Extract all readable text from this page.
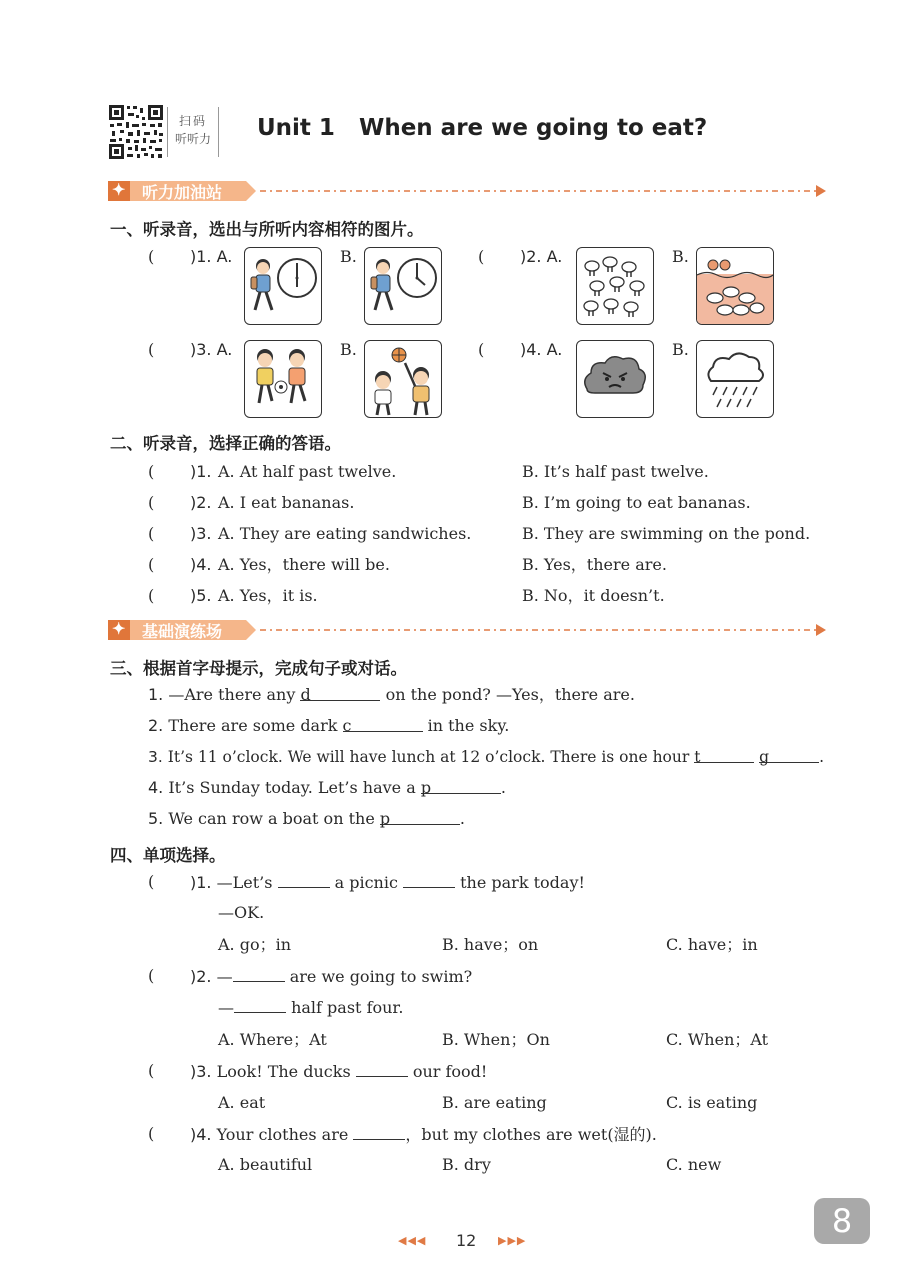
扫码
听听力	Unit 1   When are we going to eat?
✦ 听力加油站
一、听录音，选出与所听内容相符的图片。
( )1. A.	B.	( )2. A.	B.
( )3. A.	B.	( )4. A.	B.
二、听录音，选择正确的答语。
( )1. A. At half past twelve.	B. It’s half past twelve.
( )2. A. I eat bananas.	B. I’m going to eat bananas.
( )3. A. They are eating sandwiches.	B. They are swimming on the pond.
( )4. A. Yes，there will be.	B. Yes，there are.
( )5. A. Yes，it is.	B. No，it doesn’t.
✦ 基础演练场
三、根据首字母提示，完成句子或对话。
1. —Are there any d	on the pond? —Yes，there are.
2. There are some dark c	in the sky.
3. It’s 11 o’clock. We will have lunch at 12 o’clock. There is one hour t	g	.
4. It’s Sunday today. Let’s have a p	.
5. We can row a boat on the p	.
四、单项选择。
( )1. —Let’s	a picnic	the park today!
—OK.
A. go；in	B. have；on	C. have；in
( )2. —	are we going to swim?
—	half past four.
A. Where；At	B. When；On	C. When；At
( )3. Look! The ducks	our food!
A. eat	B. are eating	C. is eating
( )4. Your clothes are	，but my clothes are wet(湿的).
A. beautiful	B. dry	C. new
◀◀◀ 12 ▶▶▶
8
